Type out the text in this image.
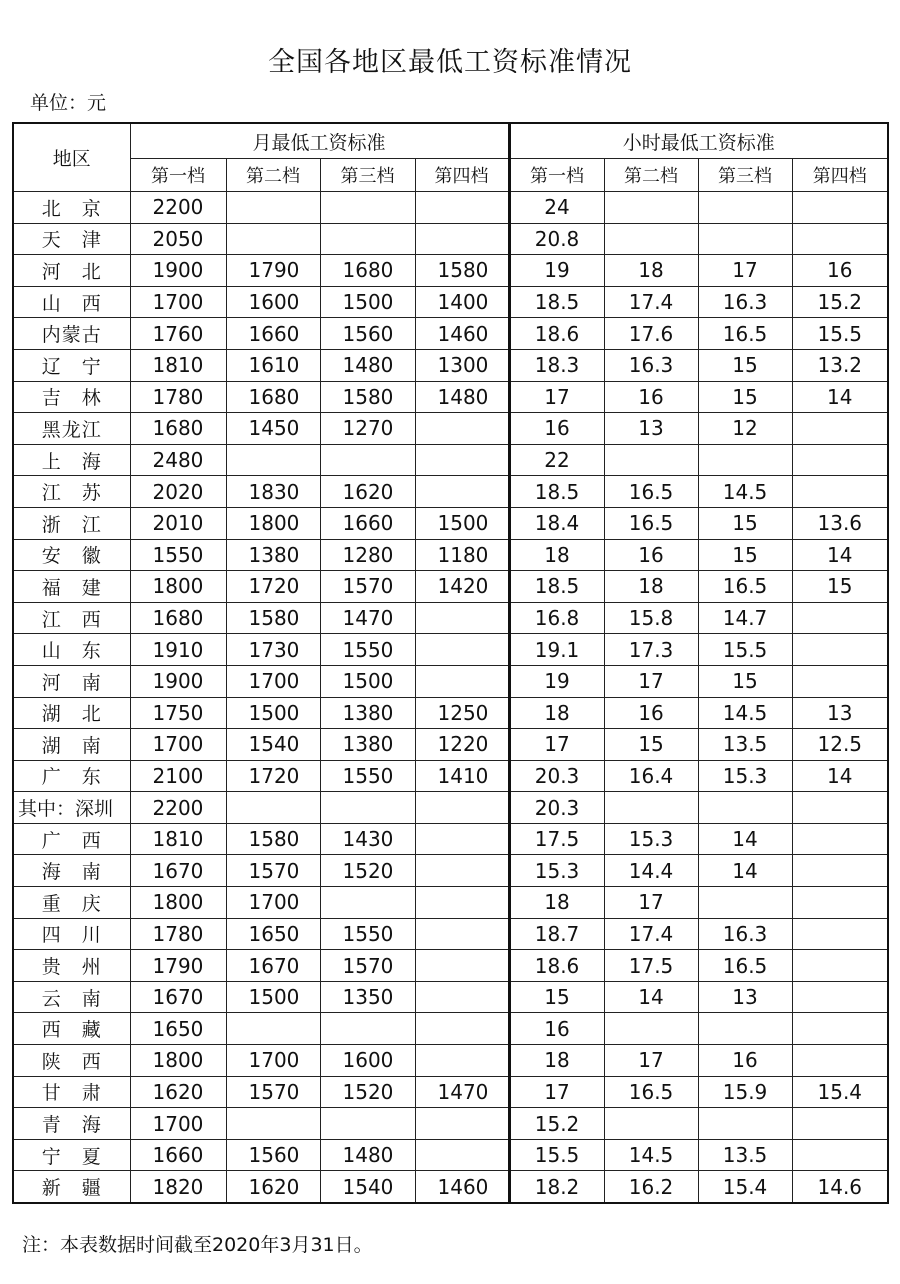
全国各地区最低工资标准情况
单位：元
地区	月最低工资标准				小时最低工资标准			
	第一档	第二档	第三档	第四档	第一档	第二档	第三档	第四档
北　京	2200				24			
天　津	2050				20.8			
河　北	1900	1790	1680	1580	19	18	17	16
山　西	1700	1600	1500	1400	18.5	17.4	16.3	15.2
内蒙古	1760	1660	1560	1460	18.6	17.6	16.5	15.5
辽　宁	1810	1610	1480	1300	18.3	16.3	15	13.2
吉　林	1780	1680	1580	1480	17	16	15	14
黑龙江	1680	1450	1270		16	13	12	
上　海	2480				22			
江　苏	2020	1830	1620		18.5	16.5	14.5	
浙　江	2010	1800	1660	1500	18.4	16.5	15	13.6
安　徽	1550	1380	1280	1180	18	16	15	14
福　建	1800	1720	1570	1420	18.5	18	16.5	15
江　西	1680	1580	1470		16.8	15.8	14.7	
山　东	1910	1730	1550		19.1	17.3	15.5	
河　南	1900	1700	1500		19	17	15	
湖　北	1750	1500	1380	1250	18	16	14.5	13
湖　南	1700	1540	1380	1220	17	15	13.5	12.5
广　东	2100	1720	1550	1410	20.3	16.4	15.3	14
其中：深圳	2200				20.3			
广　西	1810	1580	1430		17.5	15.3	14	
海　南	1670	1570	1520		15.3	14.4	14	
重　庆	1800	1700			18	17		
四　川	1780	1650	1550		18.7	17.4	16.3	
贵　州	1790	1670	1570		18.6	17.5	16.5	
云　南	1670	1500	1350		15	14	13	
西　藏	1650				16			
陕　西	1800	1700	1600		18	17	16	
甘　肃	1620	1570	1520	1470	17	16.5	15.9	15.4
青　海	1700				15.2			
宁　夏	1660	1560	1480		15.5	14.5	13.5	
新　疆	1820	1620	1540	1460	18.2	16.2	15.4	14.6
注：本表数据时间截至2020年3月31日。
